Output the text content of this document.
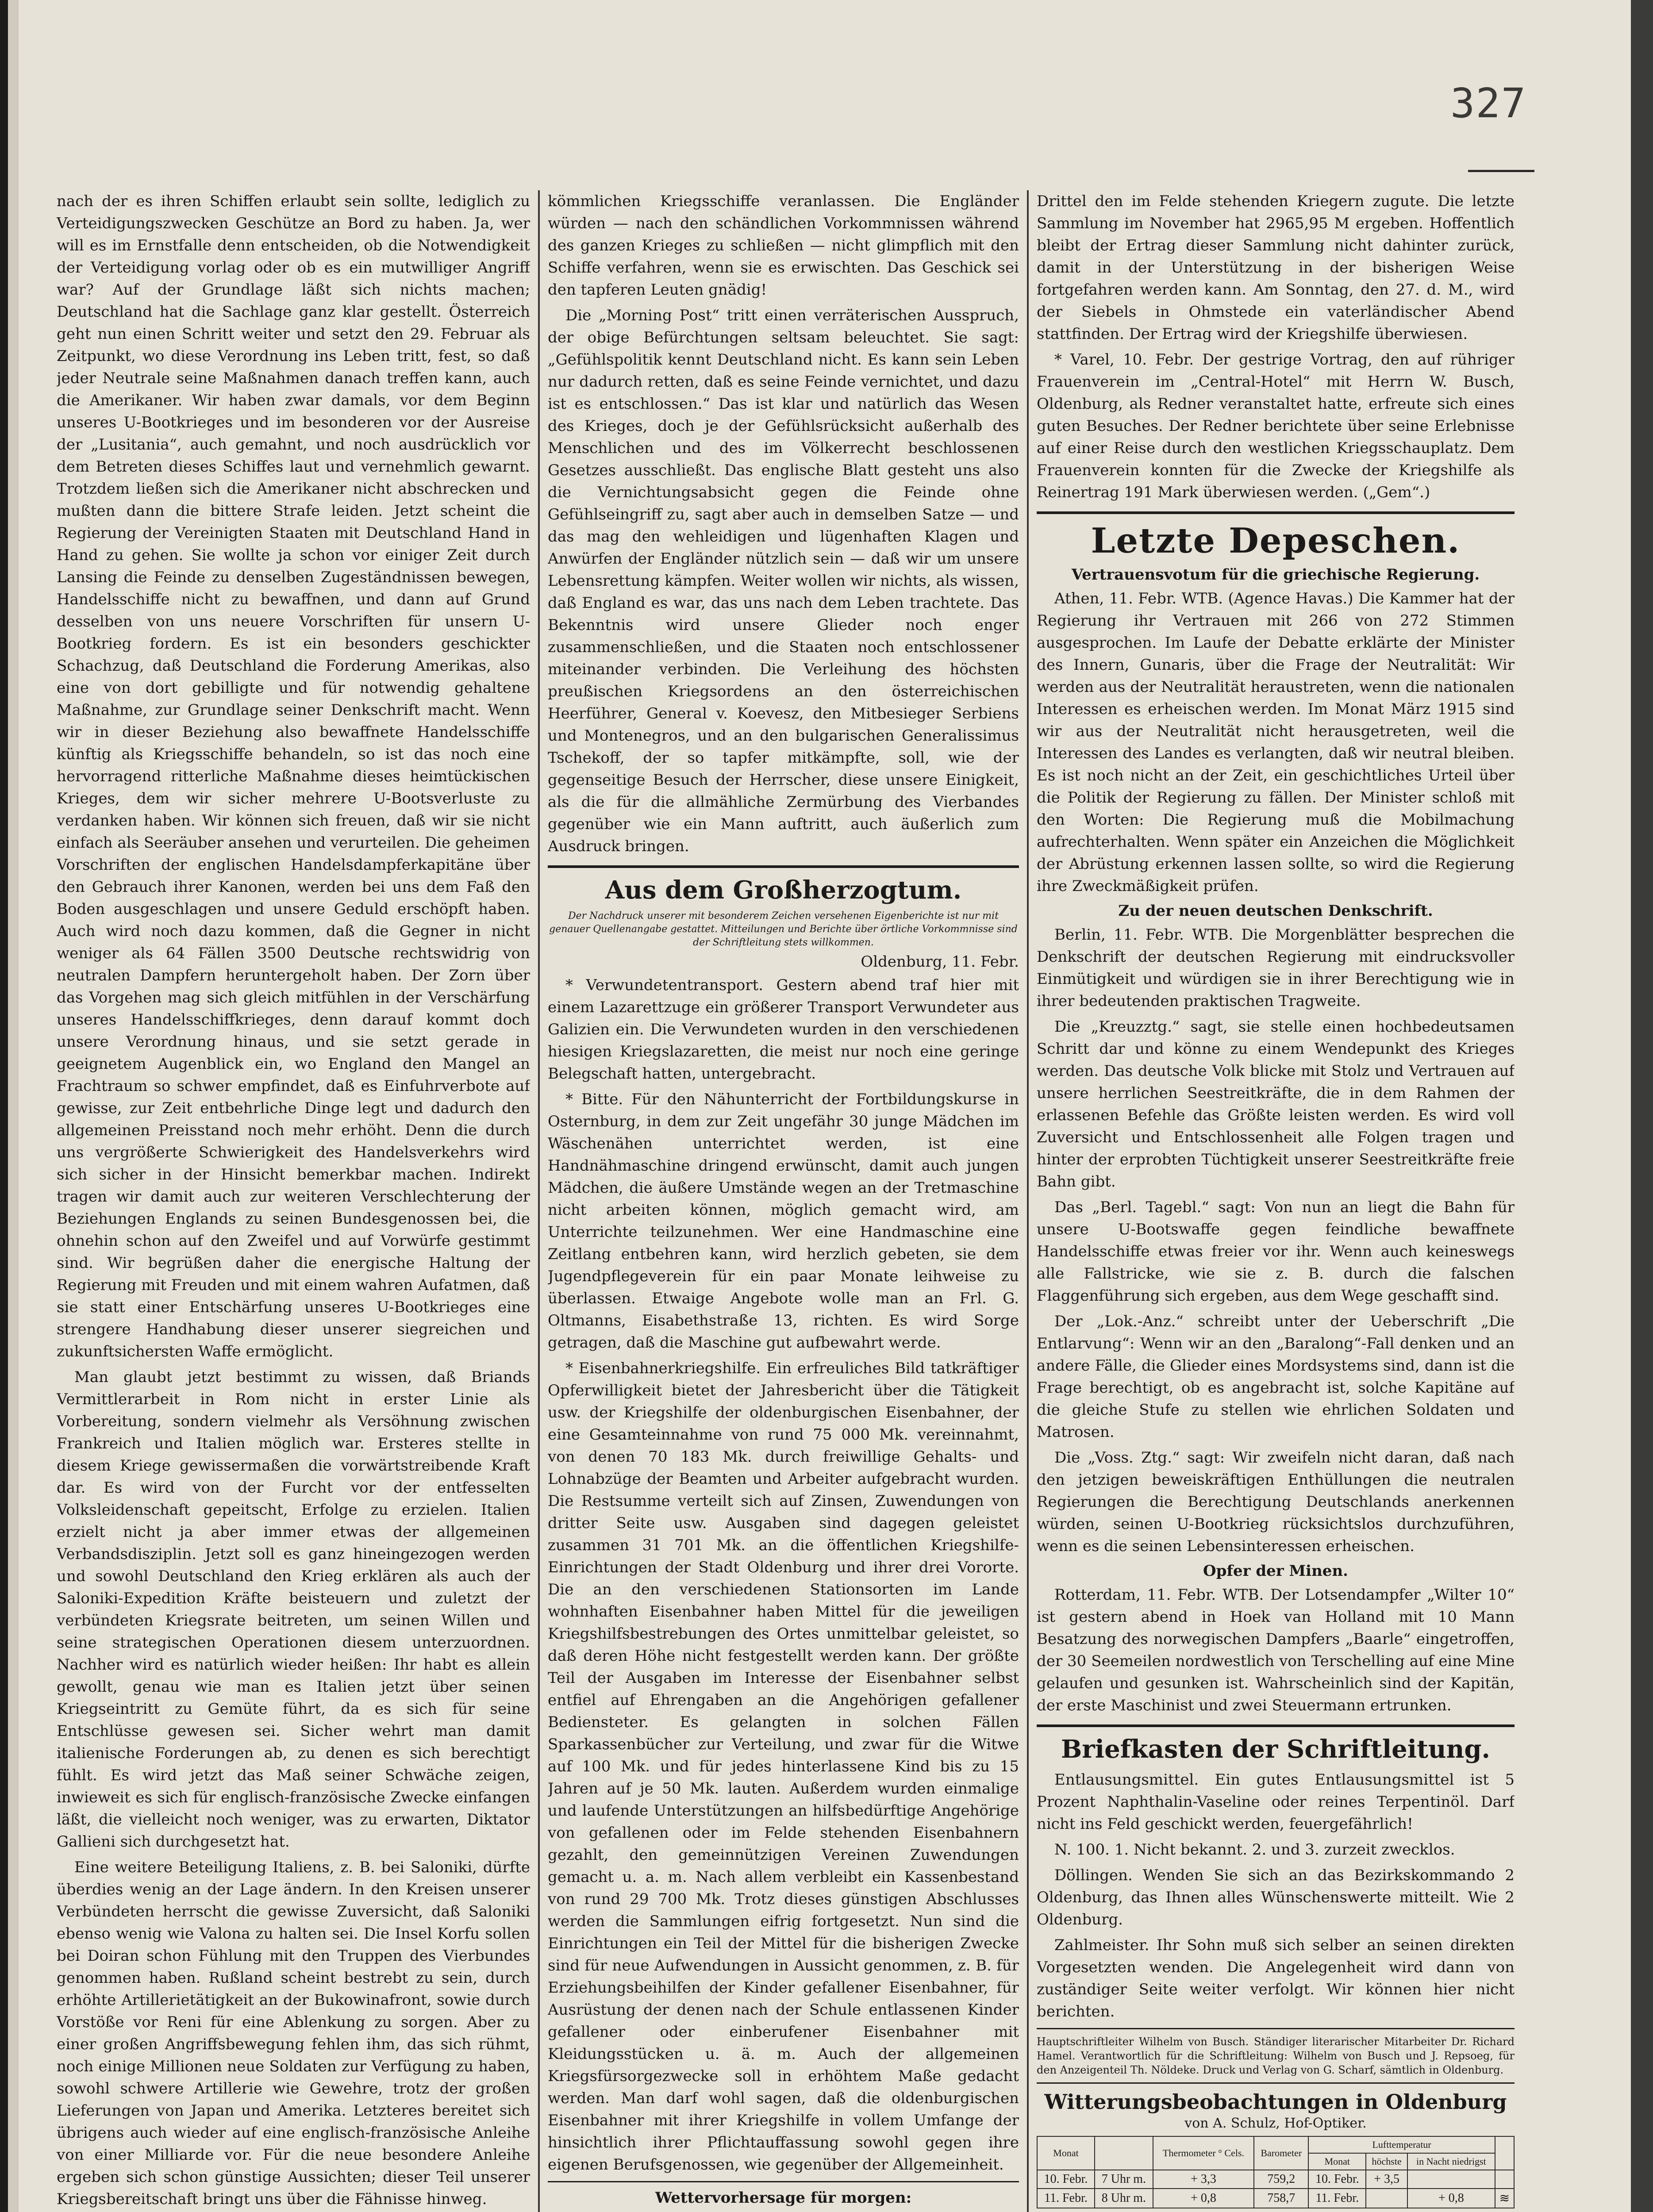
327

nach der es ihren Schiffen erlaubt sein sollte, lediglich zu Verteidigungszwecken Geschütze an Bord zu haben. Ja, wer will es im Ernstfalle denn entscheiden, ob die Notwendigkeit der Verteidigung vorlag oder ob es ein mutwilliger Angriff war? Auf der Grundlage läßt sich nichts machen; Deutschland hat die Sachlage ganz klar gestellt. Österreich geht nun einen Schritt weiter und setzt den 29. Februar als Zeitpunkt, wo diese Verordnung ins Leben tritt, fest, so daß jeder Neutrale seine Maßnahmen danach treffen kann, auch die Amerikaner. Wir haben zwar damals, vor dem Beginn unseres U-Bootkrieges und im besonderen vor der Ausreise der „Lusitania“, auch gemahnt, und noch ausdrücklich vor dem Betreten dieses Schiffes laut und vernehmlich gewarnt. Trotzdem ließen sich die Amerikaner nicht abschrecken und mußten dann die bittere Strafe leiden. Jetzt scheint die Regierung der Vereinigten Staaten mit Deutschland Hand in Hand zu gehen. Sie wollte ja schon vor einiger Zeit durch Lansing die Feinde zu denselben Zugeständnissen bewegen, Handelsschiffe nicht zu bewaffnen, und dann auf Grund desselben von uns neuere Vorschriften für unsern U-Bootkrieg fordern. Es ist ein besonders geschickter Schachzug, daß Deutschland die Forderung Amerikas, also eine von dort gebilligte und für notwendig gehaltene Maßnahme, zur Grundlage seiner Denkschrift macht. Wenn wir in dieser Beziehung also bewaffnete Handelsschiffe künftig als Kriegsschiffe behandeln, so ist das noch eine hervorragend ritterliche Maßnahme dieses heimtückischen Krieges, dem wir sicher mehrere U-Bootsverluste zu verdanken haben. Wir können sich freuen, daß wir sie nicht einfach als Seeräuber ansehen und verurteilen. Die geheimen Vorschriften der englischen Handelsdampferkapitäne über den Gebrauch ihrer Kanonen, werden bei uns dem Faß den Boden ausgeschlagen und unsere Geduld erschöpft haben. Auch wird noch dazu kommen, daß die Gegner in nicht weniger als 64 Fällen 3500 Deutsche rechtswidrig von neutralen Dampfern heruntergeholt haben. Der Zorn über das Vorgehen mag sich gleich mitfühlen in der Verschärfung unseres Handelsschiffkrieges, denn darauf kommt doch unsere Verordnung hinaus, und sie setzt gerade in geeignetem Augenblick ein, wo England den Mangel an Frachtraum so schwer empfindet, daß es Einfuhrverbote auf gewisse, zur Zeit entbehrliche Dinge legt und dadurch den allgemeinen Preisstand noch mehr erhöht. Denn die durch uns vergrößerte Schwierigkeit des Handelsverkehrs wird sich sicher in der Hinsicht bemerkbar machen. Indirekt tragen wir damit auch zur weiteren Verschlechterung der Beziehungen Englands zu seinen Bundesgenossen bei, die ohnehin schon auf den Zweifel und auf Vorwürfe gestimmt sind. Wir begrüßen daher die energische Haltung der Regierung mit Freuden und mit einem wahren Aufatmen, daß sie statt einer Entschärfung unseres U-Bootkrieges eine strengere Handhabung dieser unserer siegreichen und zukunftsichersten Waffe ermöglicht.

Man glaubt jetzt bestimmt zu wissen, daß Briands Vermittlerarbeit in Rom nicht in erster Linie als Vorbereitung, sondern vielmehr als Versöhnung zwischen Frankreich und Italien möglich war. Ersteres stellte in diesem Kriege gewissermaßen die vorwärtstreibende Kraft dar. Es wird von der Furcht vor der entfesselten Volksleidenschaft gepeitscht, Erfolge zu erzielen. Italien erzielt nicht ja aber immer etwas der allgemeinen Verbandsdisziplin. Jetzt soll es ganz hineingezogen werden und sowohl Deutschland den Krieg erklären als auch der Saloniki-Expedition Kräfte beisteuern und zuletzt der verbündeten Kriegsrate beitreten, um seinen Willen und seine strategischen Operationen diesem unterzuordnen. Nachher wird es natürlich wieder heißen: Ihr habt es allein gewollt, genau wie man es Italien jetzt über seinen Kriegseintritt zu Gemüte führt, da es sich für seine Entschlüsse gewesen sei. Sicher wehrt man damit italienische Forderungen ab, zu denen es sich berechtigt fühlt. Es wird jetzt das Maß seiner Schwäche zeigen, inwieweit es sich für englisch-französische Zwecke einfangen läßt, die vielleicht noch weniger, was zu erwarten, Diktator Gallieni sich durchgesetzt hat.

Eine weitere Beteiligung Italiens, z. B. bei Saloniki, dürfte überdies wenig an der Lage ändern. In den Kreisen unserer Verbündeten herrscht die gewisse Zuversicht, daß Saloniki ebenso wenig wie Valona zu halten sei. Die Insel Korfu sollen bei Doiran schon Fühlung mit den Truppen des Vierbundes genommen haben. Rußland scheint bestrebt zu sein, durch erhöhte Artillerietätigkeit an der Bukowinafront, sowie durch Vorstöße vor Reni für eine Ablenkung zu sorgen. Aber zu einer großen Angriffsbewegung fehlen ihm, das sich rühmt, noch einige Millionen neue Soldaten zur Verfügung zu haben, sowohl schwere Artillerie wie Gewehre, trotz der großen Lieferungen von Japan und Amerika. Letzteres bereitet sich übrigens auch wieder auf eine englisch-französische Anleihe von einer Milliarde vor. Für die neue besondere Anleihe ergeben sich schon günstige Aussichten; dieser Teil unserer Kriegsbereitschaft bringt uns über die Fähnisse hinweg.

kömmlichen Kriegsschiffe veranlassen. Die Engländer würden — nach den schändlichen Vorkommnissen während des ganzen Krieges zu schließen — nicht glimpflich mit den Schiffe verfahren, wenn sie es erwischten. Das Geschick sei den tapferen Leuten gnädig!

Die „Morning Post“ tritt einen verräterischen Ausspruch, der obige Befürchtungen seltsam beleuchtet. Sie sagt: „Gefühlspolitik kennt Deutschland nicht. Es kann sein Leben nur dadurch retten, daß es seine Feinde vernichtet, und dazu ist es entschlossen.“ Das ist klar und natürlich das Wesen des Krieges, doch je der Gefühlsrücksicht außerhalb des Menschlichen und des im Völkerrecht beschlossenen Gesetzes ausschließt. Das englische Blatt gesteht uns also die Vernichtungsabsicht gegen die Feinde ohne Gefühlseingriff zu, sagt aber auch in demselben Satze — und das mag den wehleidigen und lügenhaften Klagen und Anwürfen der Engländer nützlich sein — daß wir um unsere Lebensrettung kämpfen. Weiter wollen wir nichts, als wissen, daß England es war, das uns nach dem Leben trachtete. Das Bekenntnis wird unsere Glieder noch enger zusammenschließen, und die Staaten noch entschlossener miteinander verbinden. Die Verleihung des höchsten preußischen Kriegsordens an den österreichischen Heerführer, General v. Koevesz, den Mitbesieger Serbiens und Montenegros, und an den bulgarischen Generalissimus Tschekoff, der so tapfer mitkämpfte, soll, wie der gegenseitige Besuch der Herrscher, diese unsere Einigkeit, als die für die allmähliche Zermürbung des Vierbandes gegenüber wie ein Mann auftritt, auch äußerlich zum Ausdruck bringen.

Aus dem Großherzogtum.
Der Nachdruck unserer mit besonderem Zeichen versehenen Eigenberichte ist nur mit genauer Quellenangabe gestattet. Mitteilungen und Berichte über örtliche Vorkommnisse sind der Schriftleitung stets willkommen.
Oldenburg, 11. Febr.

* Verwundetentransport. Gestern abend traf hier mit einem Lazarettzuge ein größerer Transport Verwundeter aus Galizien ein. Die Verwundeten wurden in den verschiedenen hiesigen Kriegslazaretten, die meist nur noch eine geringe Belegschaft hatten, untergebracht.

* Bitte. Für den Nähunterricht der Fortbildungskurse in Osternburg, in dem zur Zeit ungefähr 30 junge Mädchen im Wäschenähen unterrichtet werden, ist eine Handnähmaschine dringend erwünscht, damit auch jungen Mädchen, die äußere Umstände wegen an der Tretmaschine nicht arbeiten können, möglich gemacht wird, am Unterrichte teilzunehmen. Wer eine Handmaschine eine Zeitlang entbehren kann, wird herzlich gebeten, sie dem Jugendpflegeverein für ein paar Monate leihweise zu überlassen. Etwaige Angebote wolle man an Frl. G. Oltmanns, Eisabethstraße 13, richten. Es wird Sorge getragen, daß die Maschine gut aufbewahrt werde.

* Eisenbahnerkriegshilfe. Ein erfreuliches Bild tatkräftiger Opferwilligkeit bietet der Jahresbericht über die Tätigkeit usw. der Kriegshilfe der oldenburgischen Eisenbahner, der eine Gesamteinnahme von rund 75 000 Mk. vereinnahmt, von denen 70 183 Mk. durch freiwillige Gehalts- und Lohnabzüge der Beamten und Arbeiter aufgebracht wurden. Die Restsumme verteilt sich auf Zinsen, Zuwendungen von dritter Seite usw. Ausgaben sind dagegen geleistet zusammen 31 701 Mk. an die öffentlichen Kriegshilfe-Einrichtungen der Stadt Oldenburg und ihrer drei Vororte. Die an den verschiedenen Stationsorten im Lande wohnhaften Eisenbahner haben Mittel für die jeweiligen Kriegshilfsbestrebungen des Ortes unmittelbar geleistet, so daß deren Höhe nicht festgestellt werden kann. Der größte Teil der Ausgaben im Interesse der Eisenbahner selbst entfiel auf Ehrengaben an die Angehörigen gefallener Bediensteter. Es gelangten in solchen Fällen Sparkassenbücher zur Verteilung, und zwar für die Witwe auf 100 Mk. und für jedes hinterlassene Kind bis zu 15 Jahren auf je 50 Mk. lauten. Außerdem wurden einmalige und laufende Unterstützungen an hilfsbedürftige Angehörige von gefallenen oder im Felde stehenden Eisenbahnern gezahlt, den gemeinnützigen Vereinen Zuwendungen gemacht u. a. m. Nach allem verbleibt ein Kassenbestand von rund 29 700 Mk. Trotz dieses günstigen Abschlusses werden die Sammlungen eifrig fortgesetzt. Nun sind die Einrichtungen ein Teil der Mittel für die bisherigen Zwecke sind für neue Aufwendungen in Aussicht genommen, z. B. für Erziehungsbeihilfen der Kinder gefallener Eisenbahner, für Ausrüstung der denen nach der Schule entlassenen Kinder gefallener oder einberufener Eisenbahner mit Kleidungsstücken u. ä. m. Auch der allgemeinen Kriegsfürsorgezwecke soll in erhöhtem Maße gedacht werden. Man darf wohl sagen, daß die oldenburgischen Eisenbahner mit ihrer Kriegshilfe in vollem Umfange der hinsichtlich ihrer Pflichtauffassung sowohl gegen ihre eigenen Berufsgenossen, wie gegenüber der Allgemeinheit.

Wettervorhersage für morgen:

Drittel den im Felde stehenden Kriegern zugute. Die letzte Sammlung im November hat 2965,95 M ergeben. Hoffentlich bleibt der Ertrag dieser Sammlung nicht dahinter zurück, damit in der Unterstützung in der bisherigen Weise fortgefahren werden kann. Am Sonntag, den 27. d. M., wird der Siebels in Ohmstede ein vaterländischer Abend stattfinden. Der Ertrag wird der Kriegshilfe überwiesen.

* Varel, 10. Febr. Der gestrige Vortrag, den auf rühriger Frauenverein im „Central-Hotel“ mit Herrn W. Busch, Oldenburg, als Redner veranstaltet hatte, erfreute sich eines guten Besuches. Der Redner berichtete über seine Erlebnisse auf einer Reise durch den westlichen Kriegsschauplatz. Dem Frauenverein konnten für die Zwecke der Kriegshilfe als Reinertrag 191 Mark überwiesen werden. („Gem“.)

Letzte Depeschen.
Vertrauensvotum für die griechische Regierung.

Athen, 11. Febr. WTB. (Agence Havas.) Die Kammer hat der Regierung ihr Vertrauen mit 266 von 272 Stimmen ausgesprochen. Im Laufe der Debatte erklärte der Minister des Innern, Gunaris, über die Frage der Neutralität: Wir werden aus der Neutralität heraustreten, wenn die nationalen Interessen es erheischen werden. Im Monat März 1915 sind wir aus der Neutralität nicht herausgetreten, weil die Interessen des Landes es verlangten, daß wir neutral bleiben. Es ist noch nicht an der Zeit, ein geschichtliches Urteil über die Politik der Regierung zu fällen. Der Minister schloß mit den Worten: Die Regierung muß die Mobilmachung aufrechterhalten. Wenn später ein Anzeichen die Möglichkeit der Abrüstung erkennen lassen sollte, so wird die Regierung ihre Zweckmäßigkeit prüfen.

Zu der neuen deutschen Denkschrift.

Berlin, 11. Febr. WTB. Die Morgenblätter besprechen die Denkschrift der deutschen Regierung mit eindrucksvoller Einmütigkeit und würdigen sie in ihrer Berechtigung wie in ihrer bedeutenden praktischen Tragweite.

Die „Kreuzztg.“ sagt, sie stelle einen hochbedeutsamen Schritt dar und könne zu einem Wendepunkt des Krieges werden. Das deutsche Volk blicke mit Stolz und Vertrauen auf unsere herrlichen Seestreitkräfte, die in dem Rahmen der erlassenen Befehle das Größte leisten werden. Es wird voll Zuversicht und Entschlossenheit alle Folgen tragen und hinter der erprobten Tüchtigkeit unserer Seestreitkräfte freie Bahn gibt.

Das „Berl. Tagebl.“ sagt: Von nun an liegt die Bahn für unsere U-Bootswaffe gegen feindliche bewaffnete Handelsschiffe etwas freier vor ihr. Wenn auch keineswegs alle Fallstricke, wie sie z. B. durch die falschen Flaggenführung sich ergeben, aus dem Wege geschafft sind.

Der „Lok.-Anz.“ schreibt unter der Ueberschrift „Die Entlarvung“: Wenn wir an den „Baralong“-Fall denken und an andere Fälle, die Glieder eines Mordsystems sind, dann ist die Frage berechtigt, ob es angebracht ist, solche Kapitäne auf die gleiche Stufe zu stellen wie ehrlichen Soldaten und Matrosen.

Die „Voss. Ztg.“ sagt: Wir zweifeln nicht daran, daß nach den jetzigen beweiskräftigen Enthüllungen die neutralen Regierungen die Berechtigung Deutschlands anerkennen würden, seinen U-Bootkrieg rücksichtslos durchzuführen, wenn es die seinen Lebensinteressen erheischen.

Opfer der Minen.

Rotterdam, 11. Febr. WTB. Der Lotsendampfer „Wilter 10“ ist gestern abend in Hoek van Holland mit 10 Mann Besatzung des norwegischen Dampfers „Baarle“ eingetroffen, der 30 Seemeilen nordwestlich von Terschelling auf eine Mine gelaufen und gesunken ist. Wahrscheinlich sind der Kapitän, der erste Maschinist und zwei Steuermann ertrunken.

Briefkasten der Schriftleitung.

Entlausungsmittel. Ein gutes Entlausungsmittel ist 5 Prozent Naphthalin-Vaseline oder reines Terpentinöl. Darf nicht ins Feld geschickt werden, feuergefährlich!

N. 100. 1. Nicht bekannt. 2. und 3. zurzeit zwecklos.

Döllingen. Wenden Sie sich an das Bezirkskommando 2 Oldenburg, das Ihnen alles Wünschenswerte mitteilt. Wie 2 Oldenburg.

Zahlmeister. Ihr Sohn muß sich selber an seinen direkten Vorgesetzten wenden. Die Angelegenheit wird dann von zuständiger Seite weiter verfolgt. Wir können hier nicht berichten.

Hauptschriftleiter Wilhelm von Busch. Ständiger literarischer Mitarbeiter Dr. Richard Hamel. Verantwortlich für die Schriftleitung: Wilhelm von Busch und J. Repsoeg, für den Anzeigenteil Th. Nöldeke. Druck und Verlag von G. Scharf, sämtlich in Oldenburg.
Witterungsbeobachtungen in Oldenburg
von A. Schulz, Hof-Optiker.
Monat		Thermometer ° Cels.	Barometer	Lufttemperatur			
				Monat	höchste	in Nacht niedrigst	
10. Febr.	7 Uhr m.	+ 3,3	759,2	10. Febr.	+ 3,5		
11. Febr.	8 Uhr m.	+ 0,8	758,7	11. Febr.		+ 0,8	≋
